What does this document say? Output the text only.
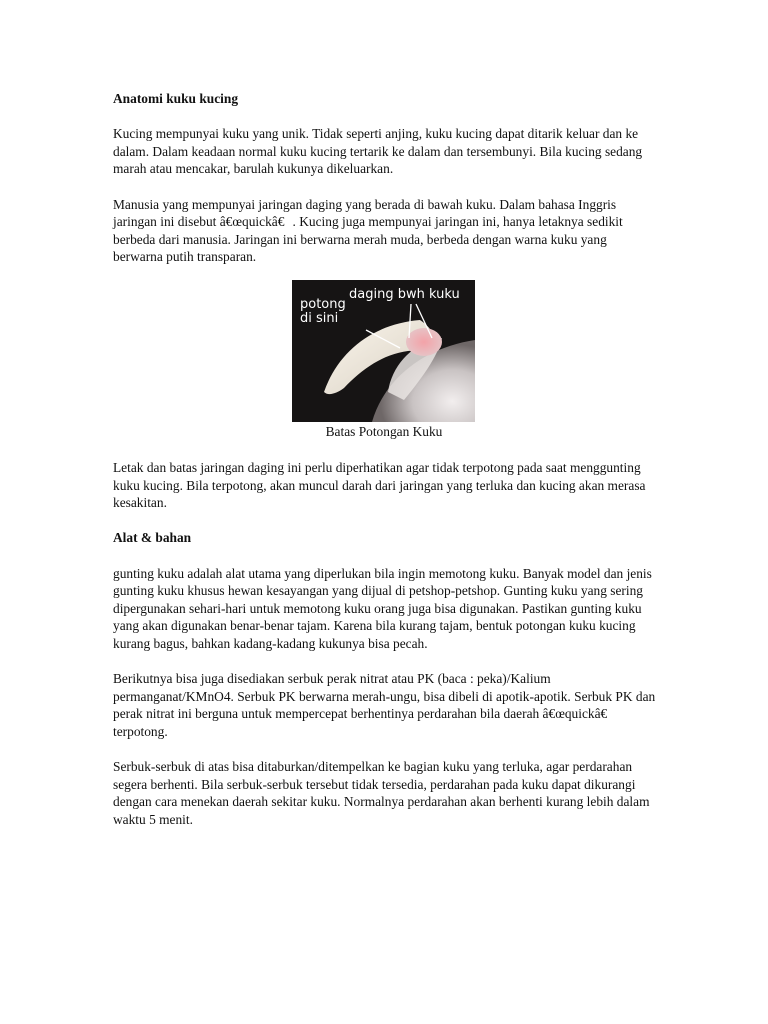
Anatomi kuku kucing

Kucing mempunyai kuku yang unik. Tidak seperti anjing, kuku kucing dapat ditarik keluar dan ke dalam. Dalam keadaan normal kuku kucing tertarik ke dalam dan tersembunyi. Bila kucing sedang marah atau mencakar, barulah kukunya dikeluarkan.

Manusia yang mempunyai jaringan daging yang berada di bawah kuku. Dalam bahasa Inggris jaringan ini disebut â€œquickâ€. Kucing juga mempunyai jaringan ini, hanya letaknya sedikit berbeda dari manusia. Jaringan ini berwarna merah muda, berbeda dengan warna kuku yang berwarna putih transparan.

daging bwh kuku
potong
di sini
Batas Potongan Kuku

Letak dan batas jaringan daging ini perlu diperhatikan agar tidak terpotong pada saat menggunting kuku kucing. Bila terpotong, akan muncul darah dari jaringan yang terluka dan kucing akan merasa kesakitan.

Alat & bahan

gunting kuku adalah alat utama yang diperlukan bila ingin memotong kuku. Banyak model dan jenis gunting kuku khusus hewan kesayangan yang dijual di petshop-petshop. Gunting kuku yang sering dipergunakan sehari-hari untuk memotong kuku orang juga bisa digunakan. Pastikan gunting kuku yang akan digunakan benar-benar tajam. Karena bila kurang tajam, bentuk potongan kuku kucing kurang bagus, bahkan kadang-kadang kukunya bisa pecah.

Berikutnya bisa juga disediakan serbuk perak nitrat atau PK (baca : peka)/Kalium permanganat/KMnO4. Serbuk PK berwarna merah-ungu, bisa dibeli di apotik-apotik. Serbuk PK dan perak nitrat ini berguna untuk mempercepat berhentinya perdarahan bila daerah â€œquickâ€ terpotong.

Serbuk-serbuk di atas bisa ditaburkan/ditempelkan ke bagian kuku yang terluka, agar perdarahan segera berhenti. Bila serbuk-serbuk tersebut tidak tersedia, perdarahan pada kuku dapat dikurangi dengan cara menekan daerah sekitar kuku. Normalnya perdarahan akan berhenti kurang lebih dalam waktu 5 menit.
